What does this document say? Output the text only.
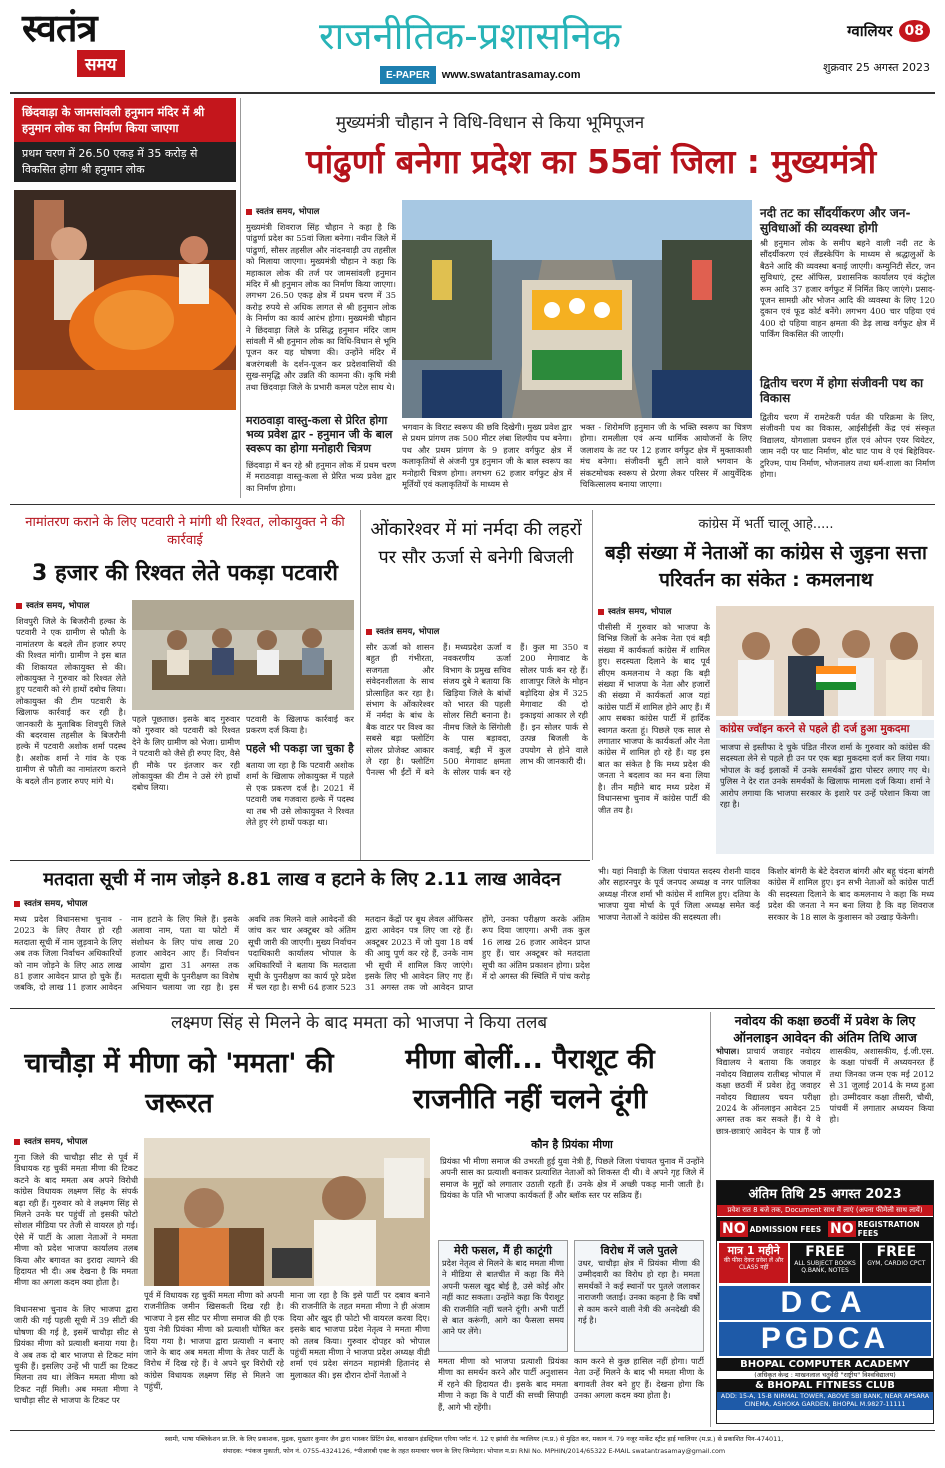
स्वतंत्र
समय
राजनीतिक-प्रशासनिक
E-PAPER	www.swatantrasamay.com
ग्वालियर 08
शुक्रवार 25 अगस्त 2023
छिंदवाड़ा के जामसांवली हनुमान मंदिर में श्री हनुमान लोक का निर्माण किया जाएगा
प्रथम चरण में 26.50 एकड़ में 35 करोड़ से विकसित होगा श्री हनुमान लोक
मुख्यमंत्री चौहान ने विधि-विधान से किया भूमिपूजन
पांढुर्णा बनेगा प्रदेश का 55वां जिला : मुख्यमंत्री
स्वतंत्र समय, भोपाल
मुख्यमंत्री शिवराज सिंह चौहान ने कहा है कि पांढुर्णा प्रदेश का 55वां जिला बनेगा। नवीन जिले में पांढुर्णा, सौसर तहसील और नांदनवाड़ी उप तहसील को मिलाया जाएगा। मुख्यमंत्री चौहान ने कहा कि महाकाल लोक की तर्ज पर जामसांवली हनुमान मंदिर में श्री हनुमान लोक का निर्माण किया जाएगा। लगभग 26.50 एकड़ क्षेत्र में प्रथम चरण में 35 करोड़ रुपये से अधिक लागत से श्री हनुमान लोक के निर्माण का कार्य आरंभ होगा। मुख्यमंत्री चौहान ने छिंदवाड़ा जिले के प्रसिद्ध हनुमान मंदिर जाम सांवली में श्री हनुमान लोक का विधि-विधान से भूमि पूजन कर यह घोषणा की। उन्होंने मंदिर में बजरंगबली के दर्शन-पूजन कर प्रदेशवासियों की सुख-समृद्धि और उन्नति की कामना की। कृषि मंत्री तथा छिंदवाड़ा जिले के प्रभारी कमल पटेल साथ थे।
मराठवाड़ा वास्तु-कला से प्रेरित होगा भव्य प्रवेश द्वार - हनुमान जी के बाल स्वरूप का होगा मनोहारी चित्रण
छिंदवाड़ा में बन रहे श्री हनुमान लोक में प्रथम चरण में मराठवाड़ा वास्तु-कला से प्रेरित भव्य प्रवेश द्वार का निर्माण होगा।
भगवान के विराट स्वरूप की छवि दिखेगी। मुख्य प्रवेश द्वार से प्रथम प्रांगण तक 500 मीटर लंबा शिल्पीय पथ बनेगा। पथ और प्रथम प्रांगण के 9 हजार वर्गफुट क्षेत्र में कलाकृतियों से अंजनी पुत्र हनुमान जी के बाल स्वरूप का मनोहारी चित्रण होगा। लगभग 62 हजार वर्गफुट क्षेत्र में मूर्तियों एवं कलाकृतियों के माध्यम से
भक्त - शिरोमणि हनुमान जी के भक्ति स्वरूप का चित्रण होगा। रामलीला एवं अन्य धार्मिक आयोजनों के लिए जलाशय के तट पर 12 हजार वर्गफुट क्षेत्र में मुक्ताकाशी मंच बनेगा। संजीवनी बूटी लाने वाले भगवान के संकटमोचक स्वरूप से प्रेरणा लेकर परिसर में आयुर्वेदिक चिकित्सालय बनाया जाएगा।
नदी तट का सौंदर्यीकरण और जन-सुविधाओं की व्यवस्था होगी
श्री हनुमान लोक के समीप बहने वाली नदी तट के सौंदर्यीकरण एवं लैंडस्केपिंग के माध्यम से श्रद्धालुओं के बैठने आदि की व्यवस्था बनाई जाएगी। कम्युनिटी सेंटर, जन सुविधाएं, ट्रस्ट ऑफिस, प्रशासनिक कार्यालय एवं कंट्रोल रूम आदि 37 हजार वर्गफुट में निर्मित किए जाएंगे। प्रसाद-पूजन सामग्री और भोजन आदि की व्यवस्था के लिए 120 दुकान एवं फूड कोर्ट बनेंगे। लगभग 400 चार पहिया एवं 400 दो पहिया वाहन क्षमता की डेढ़ लाख वर्गफुट क्षेत्र में पार्किंग विकसित की जाएगी।
द्वितीय चरण में होगा संजीवनी पथ का विकास
द्वितीय चरण में रामटेकरी पर्वत की परिक्रमा के लिए, संजीवनी पथ का विकास, आईसीईसी केंद्र एवं संस्कृत विद्यालय, योगशाला प्रवचन हॉल एवं ओपन एयर थियेटर, जाम नदी पर घाट निर्माण, बोट घाट पाथ वे एवं बिहेवियर-टुरिज्म, पाथ निर्माण, भोजनालय तथा धर्म-शाला का निर्माण होगा।
नामांतरण कराने के लिए पटवारी ने मांगी थी रिश्वत, लोकायुक्त ने की कार्रवाई
3 हजार की रिश्वत लेते पकड़ा पटवारी
स्वतंत्र समय, भोपाल
शिवपुरी जिले के बिजरौनी हल्का के पटवारी ने एक ग्रामीण से फौती के नामांतरण के बदले तीन हजार रुपए की रिश्वत मांगी। ग्रामीण ने इस बात की शिकायत लोकायुक्त से की। लोकायुक्त ने गुरुवार को रिश्वत लेते हुए पटवारी को रंगे हाथों दबोच लिया। लोकायुक्त की टीम पटवारी के खिलाफ कार्रवाई कर रही है। जानकारी के मुताबिक शिवपुरी जिले की बदरवास तहसील के बिजरौनी हल्के में पटवारी अशोक शर्मा पदस्थ है। अशोक शर्मा ने गांव के एक ग्रामीण से फौती का नामांतरण कराने के बदले तीन हजार रुपए मांगे थे।
पहले पूछताछ। इसके बाद गुरुवार को गुरुवार को पटवारी को रिश्वत देने के लिए ग्रामीण को भेजा। ग्रामीण ने पटवारी को जैसे ही रुपए दिए, वैसे ही मौके पर इंतजार कर रही लोकायुक्त की टीम ने उसे रंगे हाथों दबोच लिया।
पटवारी के खिलाफ कार्रवाई कर प्रकरण दर्ज किया है।
पहले भी पकड़ा जा चुका है
बताया जा रहा है कि पटवारी अशोक शर्मा के खिलाफ लोकायुक्त में पहले से एक प्रकरण दर्ज है। 2021 में पटवारी जब गजवारा हल्के में पदस्थ था तब भी उसे लोकायुक्त ने रिश्वत लेते हुए रंगे हाथों पकड़ा था।
ओंकारेश्वर में मां नर्मदा की लहरों पर सौर ऊर्जा से बनेगी बिजली
स्वतंत्र समय, भोपाल
सौर ऊर्जा को शासन बहुत ही गंभीरता, सजगता और संवेदनशीलता के साथ प्रोत्साहित कर रहा है। संभाग के ओंकारेश्वर में नर्मदा के बांध के बैक वाटर पर विश्व का सबसे बड़ा फ्लोटिंग सोलर प्रोजेक्ट आकार ले रहा है। फ्लोटिंग पैनल्स भी ईंटों में बने हैं। मध्यप्रदेश ऊर्जा व नवकरणीय ऊर्जा विभाग के प्रमुख सचिव संजय दुबे ने बताया कि खिड़िया जिले के बांधों को भारत की पहली सोलर सिटी बनाना है। नीमच जिले के सिंगोली के पास बड़ावदा, कवाई, बड़ी में कुल 500 मेगावाट क्षमता के सोलर पार्क बन रहे हैं। कुल मा 350 व 200 मेगावाट के सोलर पार्क बन रहे हैं। शाजापुर जिले के मोहन बड़ोदिया क्षेत्र में 325 मेगावाट की दो इकाइयां आकार ले रही हैं। इन सोलर पार्क से उत्पन्न बिजली के उपयोग से होने वाले लाभ की जानकारी दी।
कांग्रेस में भर्ती चालू आहे.....
बड़ी संख्या में नेताओं का कांग्रेस से जुड़ना सत्ता परिवर्तन का संकेत : कमलनाथ
स्वतंत्र समय, भोपाल
पीसीसी में गुरुवार को भाजपा के विभिन्न जिलों के अनेक नेता एवं बड़ी संख्या में कार्यकर्ता कांग्रेस में शामिल हुए। सदस्यता दिलाने के बाद पूर्व सीएम कमलनाथ ने कहा कि बड़ी संख्या में भाजपा के नेता और हजारों की संख्या में कार्यकर्ता आज यहां कांग्रेस पार्टी में शामिल होने आए हैं। मैं आप सबका कांग्रेस पार्टी में हार्दिक स्वागत करता हूं। पिछले एक साल से लगातार भाजपा के कार्यकर्ता और नेता कांग्रेस में शामिल हो रहे हैं। यह इस बात का संकेत है कि मध्य प्रदेश की जनता ने बदलाव का मन बना लिया है। तीन महीने बाद मध्य प्रदेश में विधानसभा चुनाव में कांग्रेस पार्टी की जीत तय है।
कांग्रेस ज्वॉइन करने से पहले ही दर्ज हुआ मुकदमा
भाजपा से इस्तीफा दे चुके पंडित नीरज शर्मा के गुरुवार को कांग्रेस की सदस्यता लेने से पहले ही उन पर एक बड़ा मुकदमा दर्ज कर लिया गया। भोपाल के कई इलाकों में उनके समर्थकों द्वारा पोस्टर लगाए गए थे। पुलिस ने देर रात उनके समर्थकों के खिलाफ मामला दर्ज किया। शर्मा ने आरोप लगाया कि भाजपा सरकार के इशारे पर उन्हें परेशान किया जा रहा है।
मतदाता सूची में नाम जोड़ने 8.81 लाख व हटाने के लिए 2.11 लाख आवेदन
स्वतंत्र समय, भोपाल
मध्य प्रदेश विधानसभा चुनाव - 2023 के लिए तैयार हो रही मतदाता सूची में नाम जुड़वाने के लिए अब तक जिला निर्वाचन अधिकारियों को नाम जोड़ने के लिए आठ लाख 81 हजार आवेदन प्राप्त हो चुके हैं। जबकि, दो लाख 11 हजार आवेदन नाम हटाने के लिए मिले हैं। इसके अलावा नाम, पता या फोटो में संशोधन के लिए पांच लाख 20 हजार आवेदन आए हैं। निर्वाचन आयोग द्वारा 31 अगस्त तक मतदाता सूची के पुनरीक्षण का विशेष अभियान चलाया जा रहा है। इस अवधि तक मिलने वाले आवेदनों की जांच कर चार अक्टूबर को अंतिम सूची जारी की जाएगी। मुख्य निर्वाचन पदाधिकारी कार्यालय भोपाल के अधिकारियों ने बताया कि मतदाता सूची के पुनरीक्षण का कार्य पूरे प्रदेश में चल रहा है। सभी 64 हजार 523 मतदान केंद्रों पर बूथ लेवल ऑफिसर द्वारा आवेदन पत्र लिए जा रहे हैं। अक्टूबर 2023 में जो युवा 18 वर्ष की आयु पूर्ण कर रहे हैं, उनके नाम भी सूची में शामिल किए जाएंगे। इसके लिए भी आवेदन लिए गए हैं। 31 अगस्त तक जो आवेदन प्राप्त होंगे, उनका परीक्षण करके अंतिम रूप दिया जाएगा। अभी तक कुल 16 लाख 26 हजार आवेदन प्राप्त हुए हैं। चार अक्टूबर को मतदाता सूची का अंतिम प्रकाशन होगा। प्रदेश में दो अगस्त की स्थिति में पांच करोड़
भी। यहां निवाड़ी के जिला पंचायत सदस्य रोशनी यादव और सहारनपुर के पूर्व जनपद अध्यक्ष व नगर पालिका अध्यक्ष नीरज शर्मा भी कांग्रेस में शामिल हुए। दतिया के भाजपा युवा मोर्चा के पूर्व जिला अध्यक्ष समेत कई भाजपा नेताओं ने कांग्रेस की सदस्यता ली।
किशोर बांगरी के बेटे देवराज बांगरी और बहू चंदना बांगरी कांग्रेस में शामिल हुए। इन सभी नेताओं को कांग्रेस पार्टी की सदस्यता दिलाने के बाद कमलनाथ ने कहा कि मध्य प्रदेश की जनता ने मन बना लिया है कि वह शिवराज सरकार के 18 साल के कुशासन को उखाड़ फेंकेगी।
लक्ष्मण सिंह से मिलने के बाद ममता को भाजपा ने किया तलब
चाचौड़ा में मीणा को 'ममता' की जरूरत
मीणा बोलीं... पैराशूट की राजनीति नहीं चलने दूंगी
स्वतंत्र समय, भोपाल
गुना जिले की चाचौड़ा सीट से पूर्व में विधायक रह चुकीं ममता मीणा की टिकट कटने के बाद ममता अब अपने विरोधी कांग्रेस विधायक लक्ष्मण सिंह के संपर्क बढ़ा रही हैं। गुरुवार को वे लक्ष्मण सिंह से मिलने उनके घर पहुंचीं तो इसकी फोटो सोशल मीडिया पर तेजी से वायरल हो गई। ऐसे में पार्टी के आला नेताओं ने ममता मीणा को प्रदेश भाजपा कार्यालय तलब किया और बगावत का इरादा त्यागने की हिदायत भी दी। अब देखना है कि ममता मीणा का अगला कदम क्या होता है।
विधानसभा चुनाव के लिए भाजपा द्वारा जारी की गई पहली सूची में 39 सीटों की घोषणा की गई है, इसमें चाचौड़ा सीट से प्रियंका मीणा को प्रत्याशी बनाया गया है। वे अब तक दो बार भाजपा से टिकट मांग चुकी हैं। इसलिए उन्हें भी पार्टी का टिकट मिलना तय था। लेकिन ममता मीणा को टिकट नहीं मिली। अब ममता मीणा ने चाचौड़ा सीट से भाजपा के टिकट पर
कौन है प्रियंका मीणा
प्रियंका भी मीणा समाज की उभरती हुई युवा नेत्री हैं, पिछले जिला पंचायत चुनाव में उन्होंने अपनी सास का प्रत्याशी बनाकर प्रत्याशित नेताओं को शिकस्त दी थी। वे अपने गृह जिले में समाज के मुद्दों को लगातार उठाती रहती हैं। उनके क्षेत्र में अच्छी पकड़ मानी जाती है। प्रियंका के पति भी भाजपा कार्यकर्ता हैं और ब्लॉक स्तर पर सक्रिय हैं।
मेरी फसल, मैं ही काटूंगी
प्रदेश नेतृत्व से मिलने के बाद ममता मीणा ने मीडिया से बातचीत में कहा कि मैंने अपनी फसल खुद बोई है, उसे कोई और नहीं काट सकता। उन्होंने कहा कि पैराशूट की राजनीति नहीं चलने दूंगी। अभी पार्टी से बात करूंगी, आगे का फैसला समय आने पर लेंगे।
विरोध में जले पुतले
उधर, चाचौड़ा क्षेत्र में प्रियंका मीणा की उम्मीदवारी का विरोध हो रहा है। ममता समर्थकों ने कई स्थानों पर पुतले जलाकर नाराजगी जताई। उनका कहना है कि वर्षों से काम करने वाली नेत्री की अनदेखी की गई है।
पूर्व में विधायक रह चुकीं ममता मीणा को अपनी राजनीतिक जमीन खिसकती दिख रही है। भाजपा ने इस सीट पर मीणा समाज की ही एक युवा नेत्री प्रियंका मीणा को प्रत्याशी घोषित कर दिया गया है। भाजपा द्वारा प्रत्याशी न बनाए जाने के बाद अब ममता मीणा के तेवर पार्टी के विरोध में दिख रहे हैं। वे अपने धुर विरोधी रहे कांग्रेस विधायक लक्ष्मण सिंह से मिलने जा पहुंचीं,
माना जा रहा है कि इसे पार्टी पर दबाव बनाने की राजनीति के तहत ममता मीणा ने ही अंजाम दिया और खुद ही फोटो भी वायरल करवा दिए। इसके बाद भाजपा प्रदेश नेतृत्व ने ममता मीणा को तलब किया। गुरुवार दोपहर को भोपाल पहुंचीं ममता मीणा ने भाजपा प्रदेश अध्यक्ष वीडी शर्मा एवं प्रदेश संगठन महामंत्री हितानंद से मुलाकात की। इस दौरान दोनों नेताओं ने
ममता मीणा को भाजपा प्रत्याशी प्रियंका मीणा का समर्थन करने और पार्टी अनुशासन में रहने की हिदायत दी। इसके बाद ममता मीणा ने कहा कि वे पार्टी की सच्ची सिपाही हैं, आगे भी रहेंगी।
काम करने से कुछ हासिल नहीं होगा। पार्टी नेता उन्हें मिलने के बाद भी ममता मीणा के बगावती तेवर बने हुए हैं। देखना होगा कि उनका अगला कदम क्या होता है।
नवोदय की कक्षा छठवीं में प्रवेश के लिए ऑनलाइन आवेदन की अंतिम तिथि आज
भोपाल। प्राचार्य जवाहर नवोदय विद्यालय ने बताया कि जवाहर नवोदय विद्यालय रातीबड़ भोपाल में कक्षा छठवीं में प्रवेश हेतु जवाहर नवोदय विद्यालय चयन परीक्षा 2024 के ऑनलाइन आवेदन 25 अगस्त तक कर सकते हैं। ये वे छात्र-छात्राएं आवेदन के पात्र हैं जो शासकीय, अशासकीय, ई.जी.एस. के कक्षा पांचवीं में अध्ययनरत हैं तथा जिनका जन्म एक मई 2012 से 31 जुलाई 2014 के मध्य हुआ हो। उम्मीदवार कक्षा तीसरी, चौथी, पांचवीं में लगातार अध्ययन किया हो।
अंतिम तिथि 25 अगस्त 2023
प्रवेश रात 8 बजे तक, Document साथ में लाएं (अपना फीमेली साथ लायें)
NO ADMISSION FEES NO REGISTRATION FEES
मात्र 1 महीने
की फीस देकर प्रवेश लें और CLASS नहीं
FREE
ALL SUBJECT BOOKS Q.BANK, NOTES
FREE
GYM, CARDIO CPCT
DCA
PGDCA
BHOPAL COMPUTER ACADEMY
(अधिकृत केन्द्र : माखनलाल चतुर्वेदी "राष्ट्रीय" विश्वविद्यालय)
& BHOPAL FITNESS CLUB
ADD: 15-A, 15-B NIRMAL TOWER, ABOVE SBI BANK, NEAR APSARA CINEMA, ASHOKA GARDEN, BHOPAL M.9827-11111
स्वामी, भाषा पब्लिकेशन प्रा.लि. के लिए प्रकाशक, मुद्रक, मुख्तार कुमार जैन द्वारा भास्कर प्रिंटिंग प्रेस, बाराखान इंडस्ट्रियल एरिया प्लॉट नं. 12 ए झांसी रोड ग्वालियर (म.प्र.) से मुद्रित कर, मकान नं. 79 नजूर मार्केट स्ट्रीट हाई ग्वालियर (म.प्र.) से प्रकाशित पिन-474011,
संपादक: *पंकज मुकाती, फोन नं. 0755-4324126, *पीआरबी एक्ट के तहत समाचार चयन के लिए जिम्मेदार। भोपाल म.प्र। RNI No. MPHIN/2014/65322 E-MAIL swatantrasamay@gmail.com
